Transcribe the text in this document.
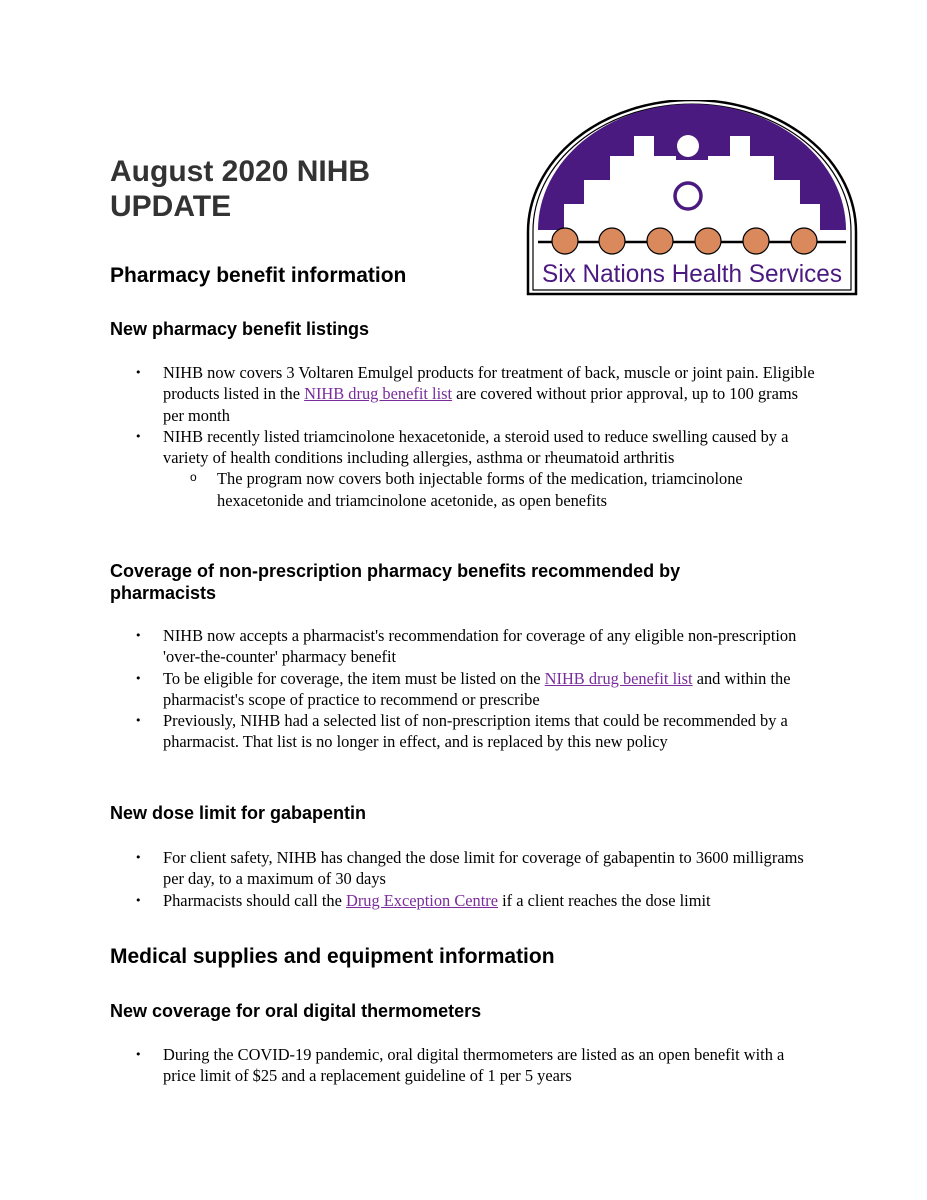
August 2020 NIHB
UPDATE
Six Nations Health Services
Pharmacy benefit information
New pharmacy benefit listings
• NIHB now covers 3 Voltaren Emulgel products for treatment of back, muscle or joint pain. Eligible products listed in the NIHB drug benefit list are covered without prior approval, up to 100 grams per month
• NIHB recently listed triamcinolone hexacetonide, a steroid used to reduce swelling caused by a variety of health conditions including allergies, asthma or rheumatoid arthritis
o The program now covers both injectable forms of the medication, triamcinolone hexacetonide and triamcinolone acetonide, as open benefits
Coverage of non-prescription pharmacy benefits recommended by pharmacists
• NIHB now accepts a pharmacist's recommendation for coverage of any eligible non-prescription 'over-the-counter' pharmacy benefit
• To be eligible for coverage, the item must be listed on the NIHB drug benefit list and within the pharmacist's scope of practice to recommend or prescribe
• Previously, NIHB had a selected list of non-prescription items that could be recommended by a pharmacist. That list is no longer in effect, and is replaced by this new policy
New dose limit for gabapentin
• For client safety, NIHB has changed the dose limit for coverage of gabapentin to 3600 milligrams per day, to a maximum of 30 days
• Pharmacists should call the Drug Exception Centre if a client reaches the dose limit
Medical supplies and equipment information
New coverage for oral digital thermometers
• During the COVID-19 pandemic, oral digital thermometers are listed as an open benefit with a price limit of $25 and a replacement guideline of 1 per 5 years
